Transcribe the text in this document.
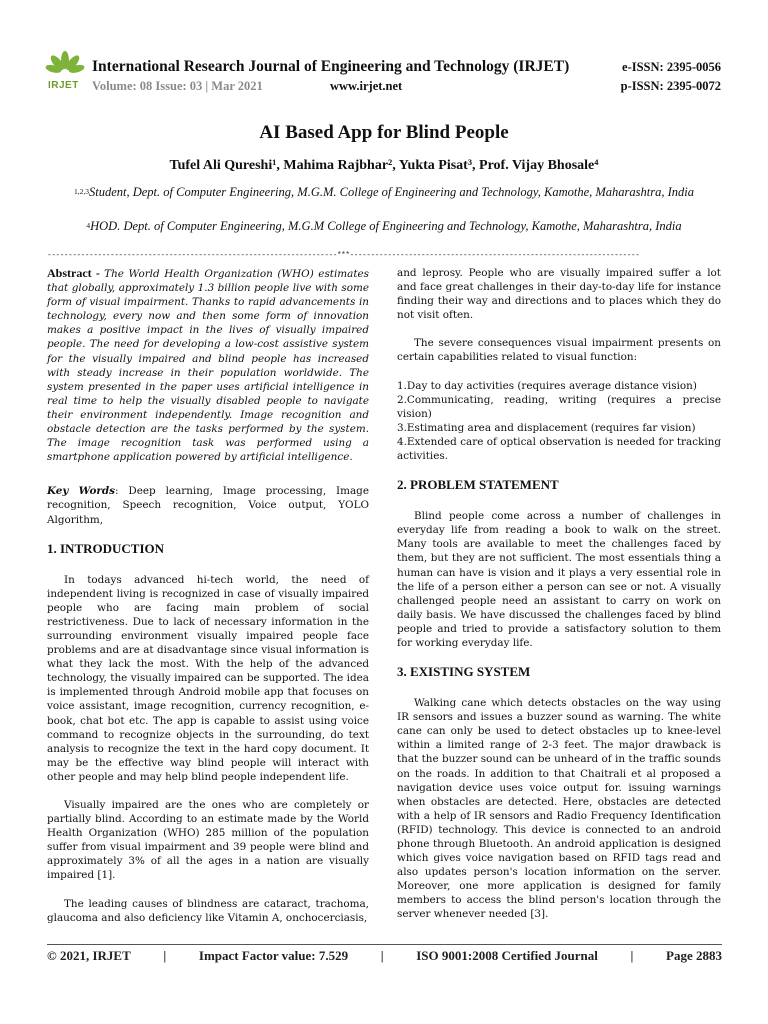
IRJET
International Research Journal of Engineering and Technology (IRJET)
Volume: 08 Issue: 03 | Mar 2021	www.irjet.net
e-ISSN: 2395-0056
p-ISSN: 2395-0072
AI Based App for Blind People
Tufel Ali Qureshi¹, Mahima Rajbhar², Yukta Pisat³, Prof. Vijay Bhosale⁴
$^{1,2,3}$Student, Dept. of Computer Engineering, M.G.M. College of Engineering and Technology, Kamothe, Maharashtra, India
$^4$HOD. Dept. of Computer Engineering, M.G.M College of Engineering and Technology, Kamothe, Maharashtra, India
---------------------------------------------------------------------***---------------------------------------------------------------------

Abstract - The World Health Organization (WHO) estimates that globally, approximately 1.3 billion people live with some form of visual impairment. Thanks to rapid advancements in technology, every now and then some form of innovation makes a positive impact in the lives of visually impaired people. The need for developing a low-cost assistive system for the visually impaired and blind people has increased with steady increase in their population worldwide. The system presented in the paper uses artificial intelligence in real time to help the visually disabled people to navigate their environment independently. Image recognition and obstacle detection are the tasks performed by the system. The image recognition task was performed using a smartphone application powered by artificial intelligence.

Key Words: Deep learning, Image processing, Image recognition, Speech recognition, Voice output, YOLO Algorithm,

1. INTRODUCTION

In todays advanced hi-tech world, the need of independent living is recognized in case of visually impaired people who are facing main problem of social restrictiveness. Due to lack of necessary information in the surrounding environment visually impaired people face problems and are at disadvantage since visual information is what they lack the most. With the help of the advanced technology, the visually impaired can be supported. The idea is implemented through Android mobile app that focuses on voice assistant, image recognition, currency recognition, e-book, chat bot etc. The app is capable to assist using voice command to recognize objects in the surrounding, do text analysis to recognize the text in the hard copy document. It may be the effective way blind people will interact with other people and may help blind people independent life.

Visually impaired are the ones who are completely or partially blind. According to an estimate made by the World Health Organization (WHO) 285 million of the population suffer from visual impairment and 39 people were blind and approximately 3% of all the ages in a nation are visually impaired [1].

The leading causes of blindness are cataract, trachoma, glaucoma and also deficiency like Vitamin A, onchocerciasis,

and leprosy. People who are visually impaired suffer a lot and face great challenges in their day-to-day life for instance finding their way and directions and to places which they do not visit often.

The severe consequences visual impairment presents on certain capabilities related to visual function:

1.Day to day activities (requires average distance vision)

2.Communicating, reading, writing (requires a precise vision)

3.Estimating area and displacement (requires far vision)

4.Extended care of optical observation is needed for tracking activities.

2. PROBLEM STATEMENT

Blind people come across a number of challenges in everyday life from reading a book to walk on the street. Many tools are available to meet the challenges faced by them, but they are not sufficient. The most essentials thing a human can have is vision and it plays a very essential role in the life of a person either a person can see or not. A visually challenged people need an assistant to carry on work on daily basis. We have discussed the challenges faced by blind people and tried to provide a satisfactory solution to them for working everyday life.

3. EXISTING SYSTEM

Walking cane which detects obstacles on the way using IR sensors and issues a buzzer sound as warning. The white cane can only be used to detect obstacles up to knee-level within a limited range of 2-3 feet. The major drawback is that the buzzer sound can be unheard of in the traffic sounds on the roads. In addition to that Chaitrali et al proposed a navigation device uses voice output for. issuing warnings when obstacles are detected. Here, obstacles are detected with a help of IR sensors and Radio Frequency Identification (RFID) technology. This device is connected to an android phone through Bluetooth. An android application is designed which gives voice navigation based on RFID tags read and also updates person's location information on the server. Moreover, one more application is designed for family members to access the blind person's location through the server whenever needed [3].

© 2021, IRJET	|	Impact Factor value: 7.529	|	ISO 9001:2008 Certified Journal	|	Page 2883
